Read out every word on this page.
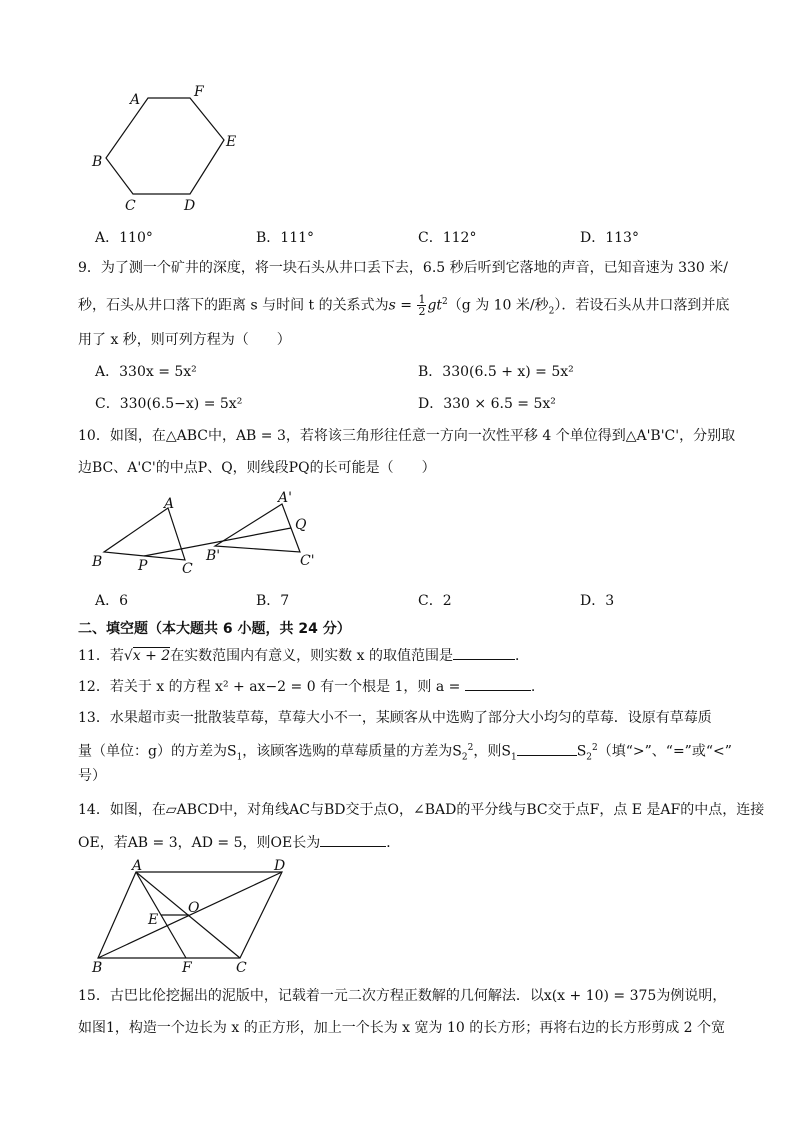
A	F
E
D
C
B
A．110°	B．111°	C．112°	D．113°
9．为了测一个矿井的深度，将一块石头从井口丢下去，6.5 秒后听到它落地的声音，已知音速为 330 米/
秒，石头从井口落下的距离 s 与时间 t 的关系式为$s = \frac{1}{2} gt^2(g$ 为 10 米/秒$_2$）．若设石头从井口落到并底
用了 x 秒，则可列方程为（　　）
A．330x = 5x²	B．330(6.5 + x) = 5x²
C．330(6.5−x) = 5x²	D．330 × 6.5 = 5x²
10．如图，在△ABC中，AB = 3，若将该三角形往任意一方向一次性平移 4 个单位得到△A'B'C'，分别取
边BC、A'C'的中点P、Q，则线段PQ的长可能是（　　）
A
B	P C
A'
Q
B'	C'
A．6	B．7	C．2	D．3
二、填空题（本大题共 6 小题，共 24 分）
11．若√x + 2在实数范围内有意义，则实数 x 的取值范围是	．
12．若关于 x 的方程 x² + ax−2 = 0 有一个根是 1，则 a =	.
13．水果超市卖一批散装草莓，草莓大小不一，某顾客从中选购了部分大小均匀的草莓．设原有草莓质
量（单位：g）的方差为$S_1$，该顾客选购的草莓质量的方差为$S_2^2$，则$S_1$	$S_2^2$（填“>”、“=”或“<”
号）
14．如图，在▱ABCD中，对角线AC与BD交于点O，∠BAD的平分线与BC交于点F，点 E 是AF的中点，连接
OE，若AB = 3，AD = 5，则OE长为	．
A	D
O
E
B	F	C
15．古巴比伦挖掘出的泥版中，记载着一元二次方程正数解的几何解法．以x(x + 10) = 375为例说明，
如图1，构造一个边长为 x 的正方形，加上一个长为 x 宽为 10 的长方形；再将右边的长方形剪成 2 个宽
